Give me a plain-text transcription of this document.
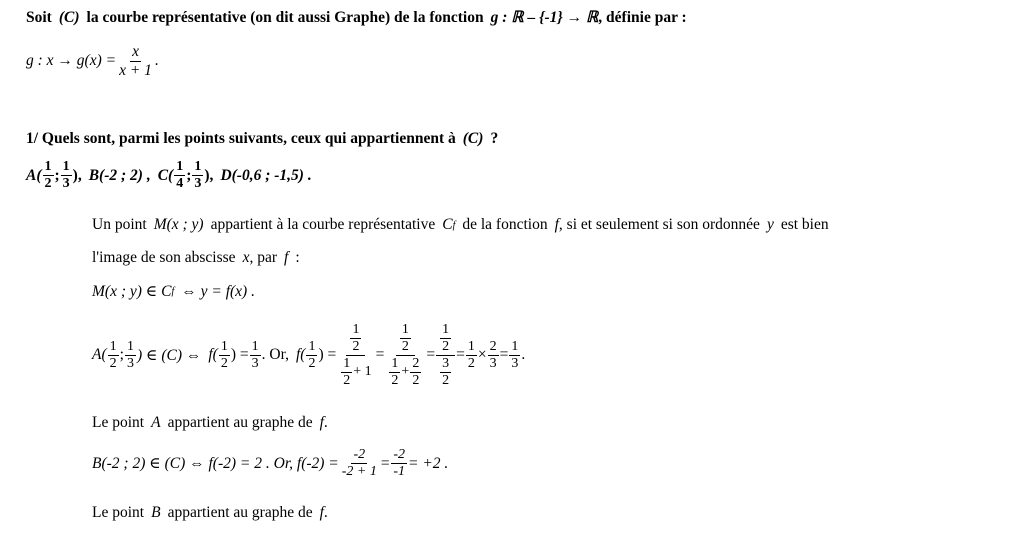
Soit (C) la courbe représentative (on dit aussi Graphe) de la fonction g : ℝ – {-1} → ℝ , définie par :
g : $x \to g(x) = \frac{x}{x + 1}$ .
1/ Quels sont, parmi les points suivants, ceux qui appartiennent à (C) ?
$A( \frac{1}{2}$ ; $\frac{1}{3}$ ), B(-2 ; 2) , $C( \frac{1}{4}$ ; $\frac{1}{3}$ ), D(-0,6 ; -1,5) .
Un point M(x ; y) appartient à la courbe représentative C f de la fonction f , si et seulement si son ordonnée y est bien
l'image de son abscisse x , par f :
M(x ; y) ∈ C f ⇔ y = f(x) .
$A( \frac{1}{2}$ ; $\frac{1}{3}$ ) ∈ (C) ⇔ $f( \frac{1}{2}$ ) = $\frac{1}{3}$ . Or, $f( \frac{1}{2}$ ) = $\frac{\frac{1}{2}}{\frac{1}{2} + 1} = \frac{\frac{1}{2}}{\frac{1}{2} + \frac{2}{2}} = \frac{\frac{1}{2}}{\frac{3}{2}} = \frac{1}{2} \times \frac{2}{3} = \frac{1}{3}$ .
Le point A appartient au graphe de f .
B(-2 ; 2) ∈ (C) ⇔ f(-2) = 2 . Or, $f(-2) = \frac{-2}{-2 + 1} = \frac{-2}{-1} = +2$ .
Le point B appartient au graphe de f .
